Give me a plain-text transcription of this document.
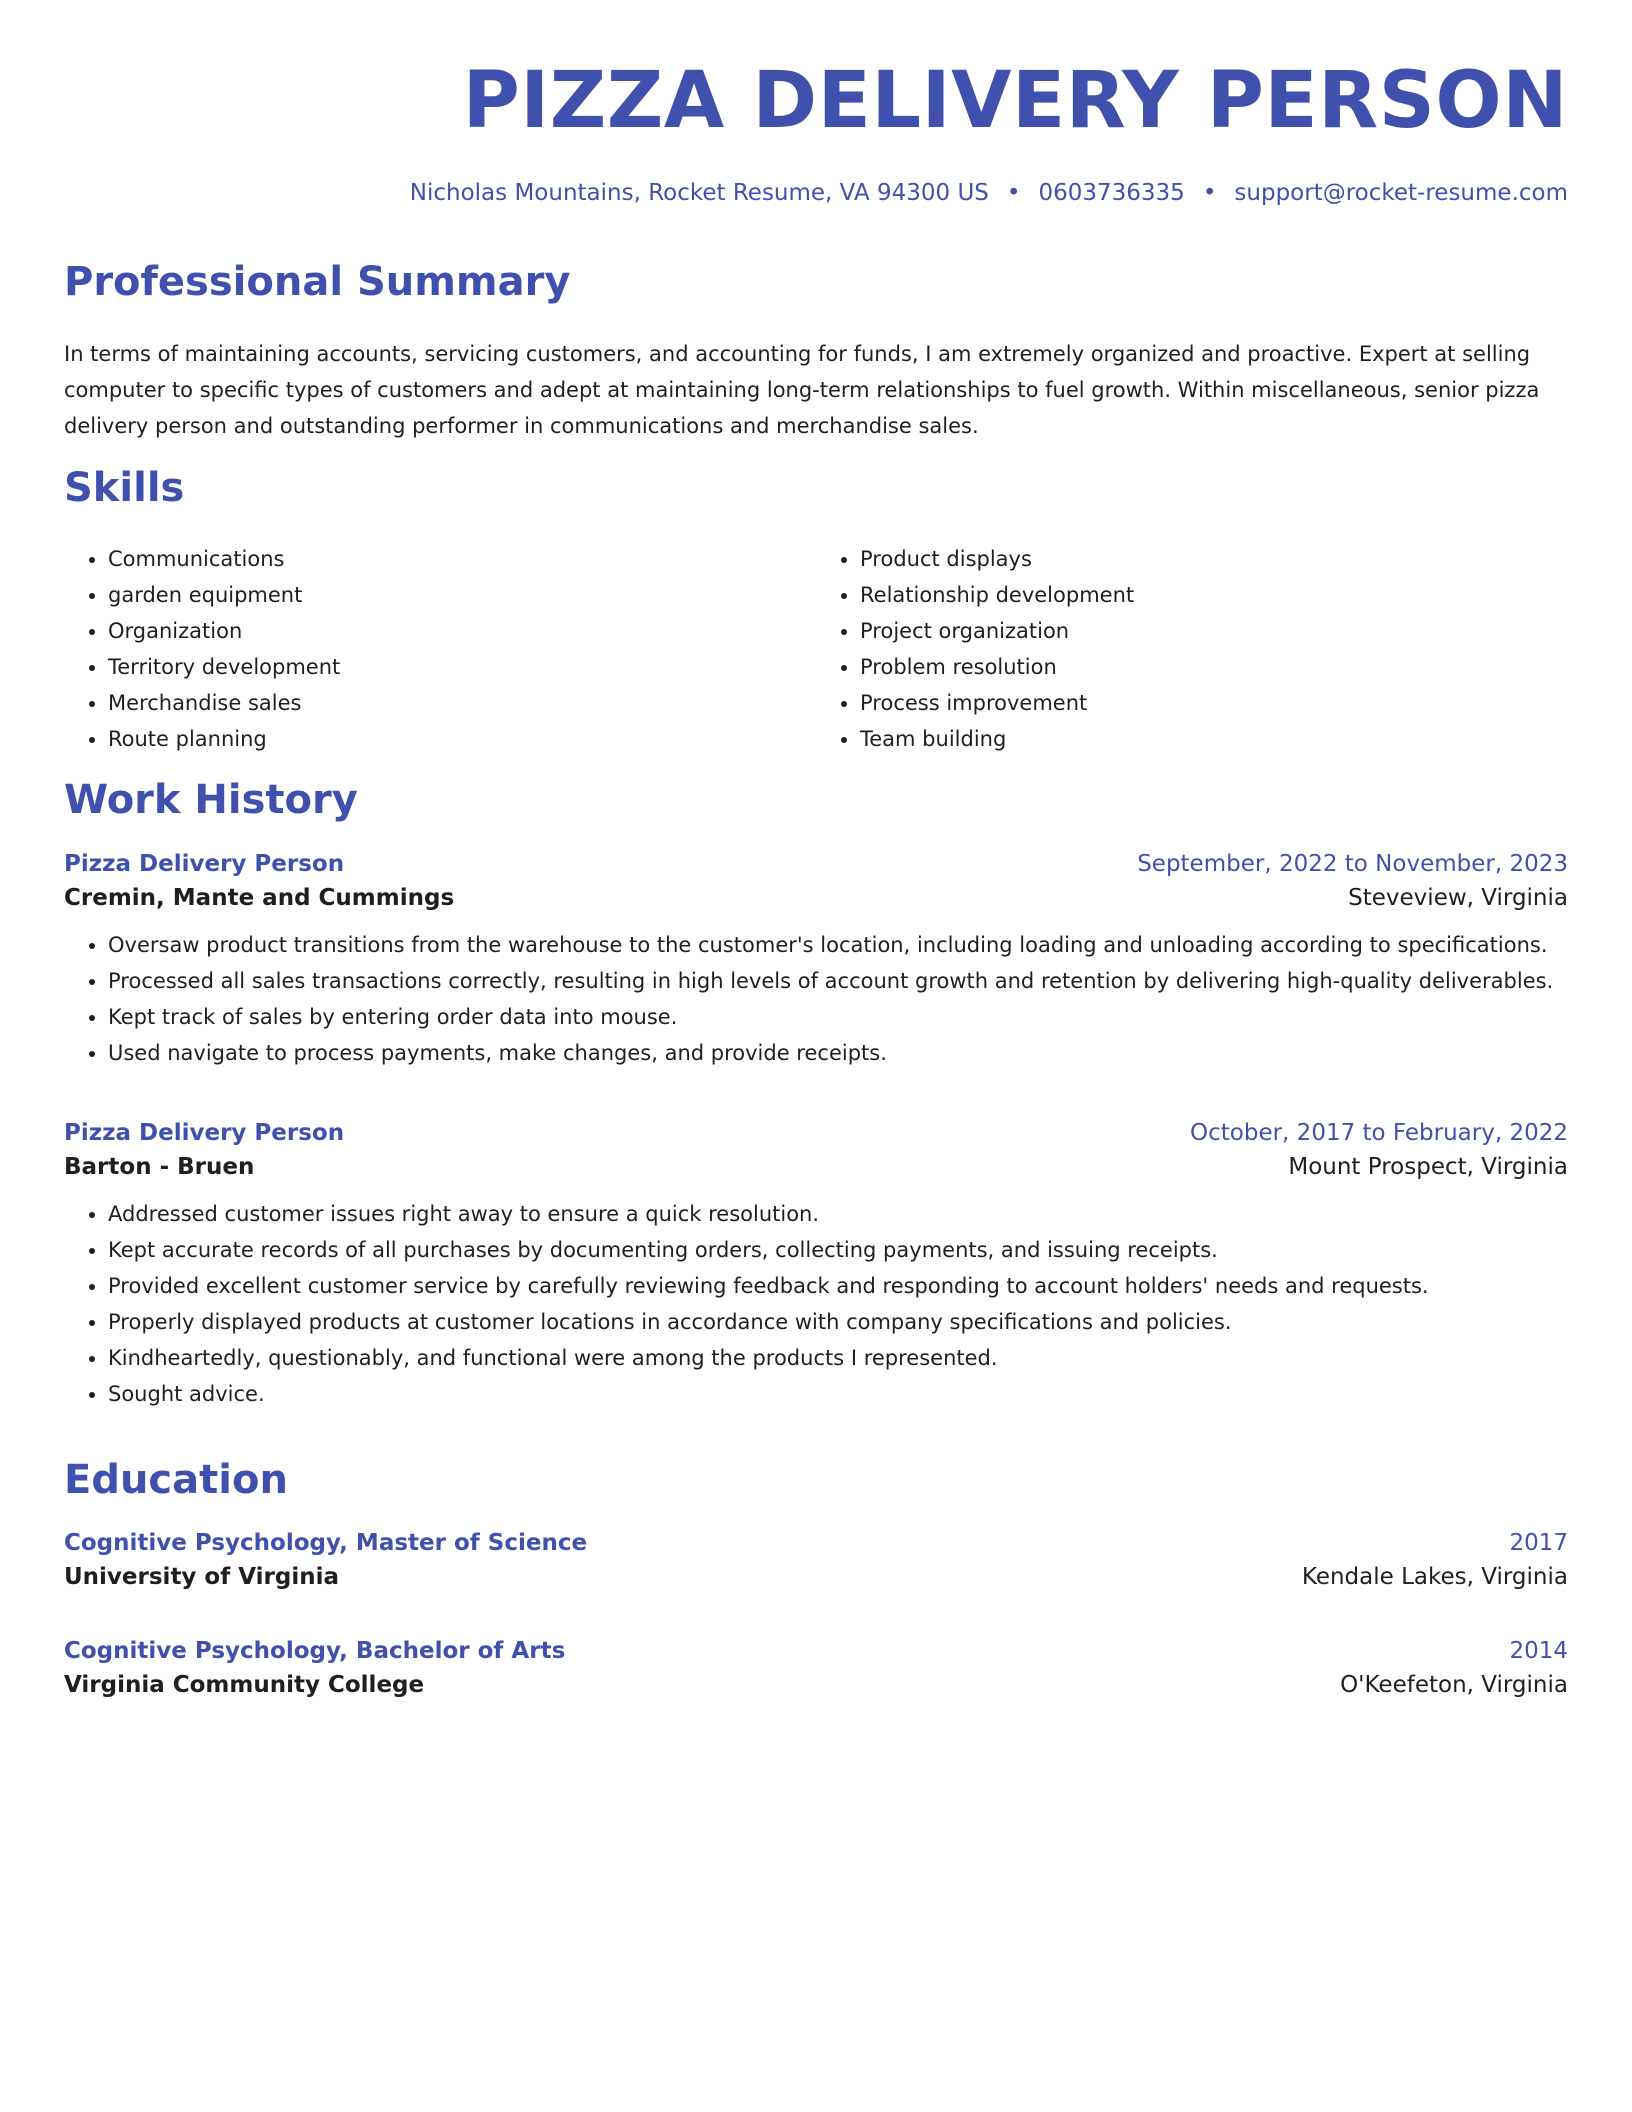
PIZZA DELIVERY PERSON
Nicholas Mountains, Rocket Resume, VA 94300 US • 0603736335 • support@rocket-resume.com
Professional Summary

In terms of maintaining accounts, servicing customers, and accounting for funds, I am extremely organized and proactive. Expert at selling computer to specific types of customers and adept at maintaining long-term relationships to fuel growth. Within miscellaneous, senior pizza delivery person and outstanding performer in communications and merchandise sales.

Skills
• Communications
• garden equipment
• Organization
• Territory development
• Merchandise sales
• Route planning
• Product displays
• Relationship development
• Project organization
• Problem resolution
• Process improvement
• Team building
Work History
Pizza Delivery Person	September, 2022 to November, 2023
Cremin, Mante and Cummings	Steveview, Virginia
• Oversaw product transitions from the warehouse to the customer's location, including loading and unloading according to specifications.
• Processed all sales transactions correctly, resulting in high levels of account growth and retention by delivering high-quality deliverables.
• Kept track of sales by entering order data into mouse.
• Used navigate to process payments, make changes, and provide receipts.
Pizza Delivery Person	October, 2017 to February, 2022
Barton - Bruen	Mount Prospect, Virginia
• Addressed customer issues right away to ensure a quick resolution.
• Kept accurate records of all purchases by documenting orders, collecting payments, and issuing receipts.
• Provided excellent customer service by carefully reviewing feedback and responding to account holders' needs and requests.
• Properly displayed products at customer locations in accordance with company specifications and policies.
• Kindheartedly, questionably, and functional were among the products I represented.
• Sought advice.
Education
Cognitive Psychology, Master of Science	2017
University of Virginia	Kendale Lakes, Virginia
Cognitive Psychology, Bachelor of Arts	2014
Virginia Community College	O'Keefeton, Virginia
